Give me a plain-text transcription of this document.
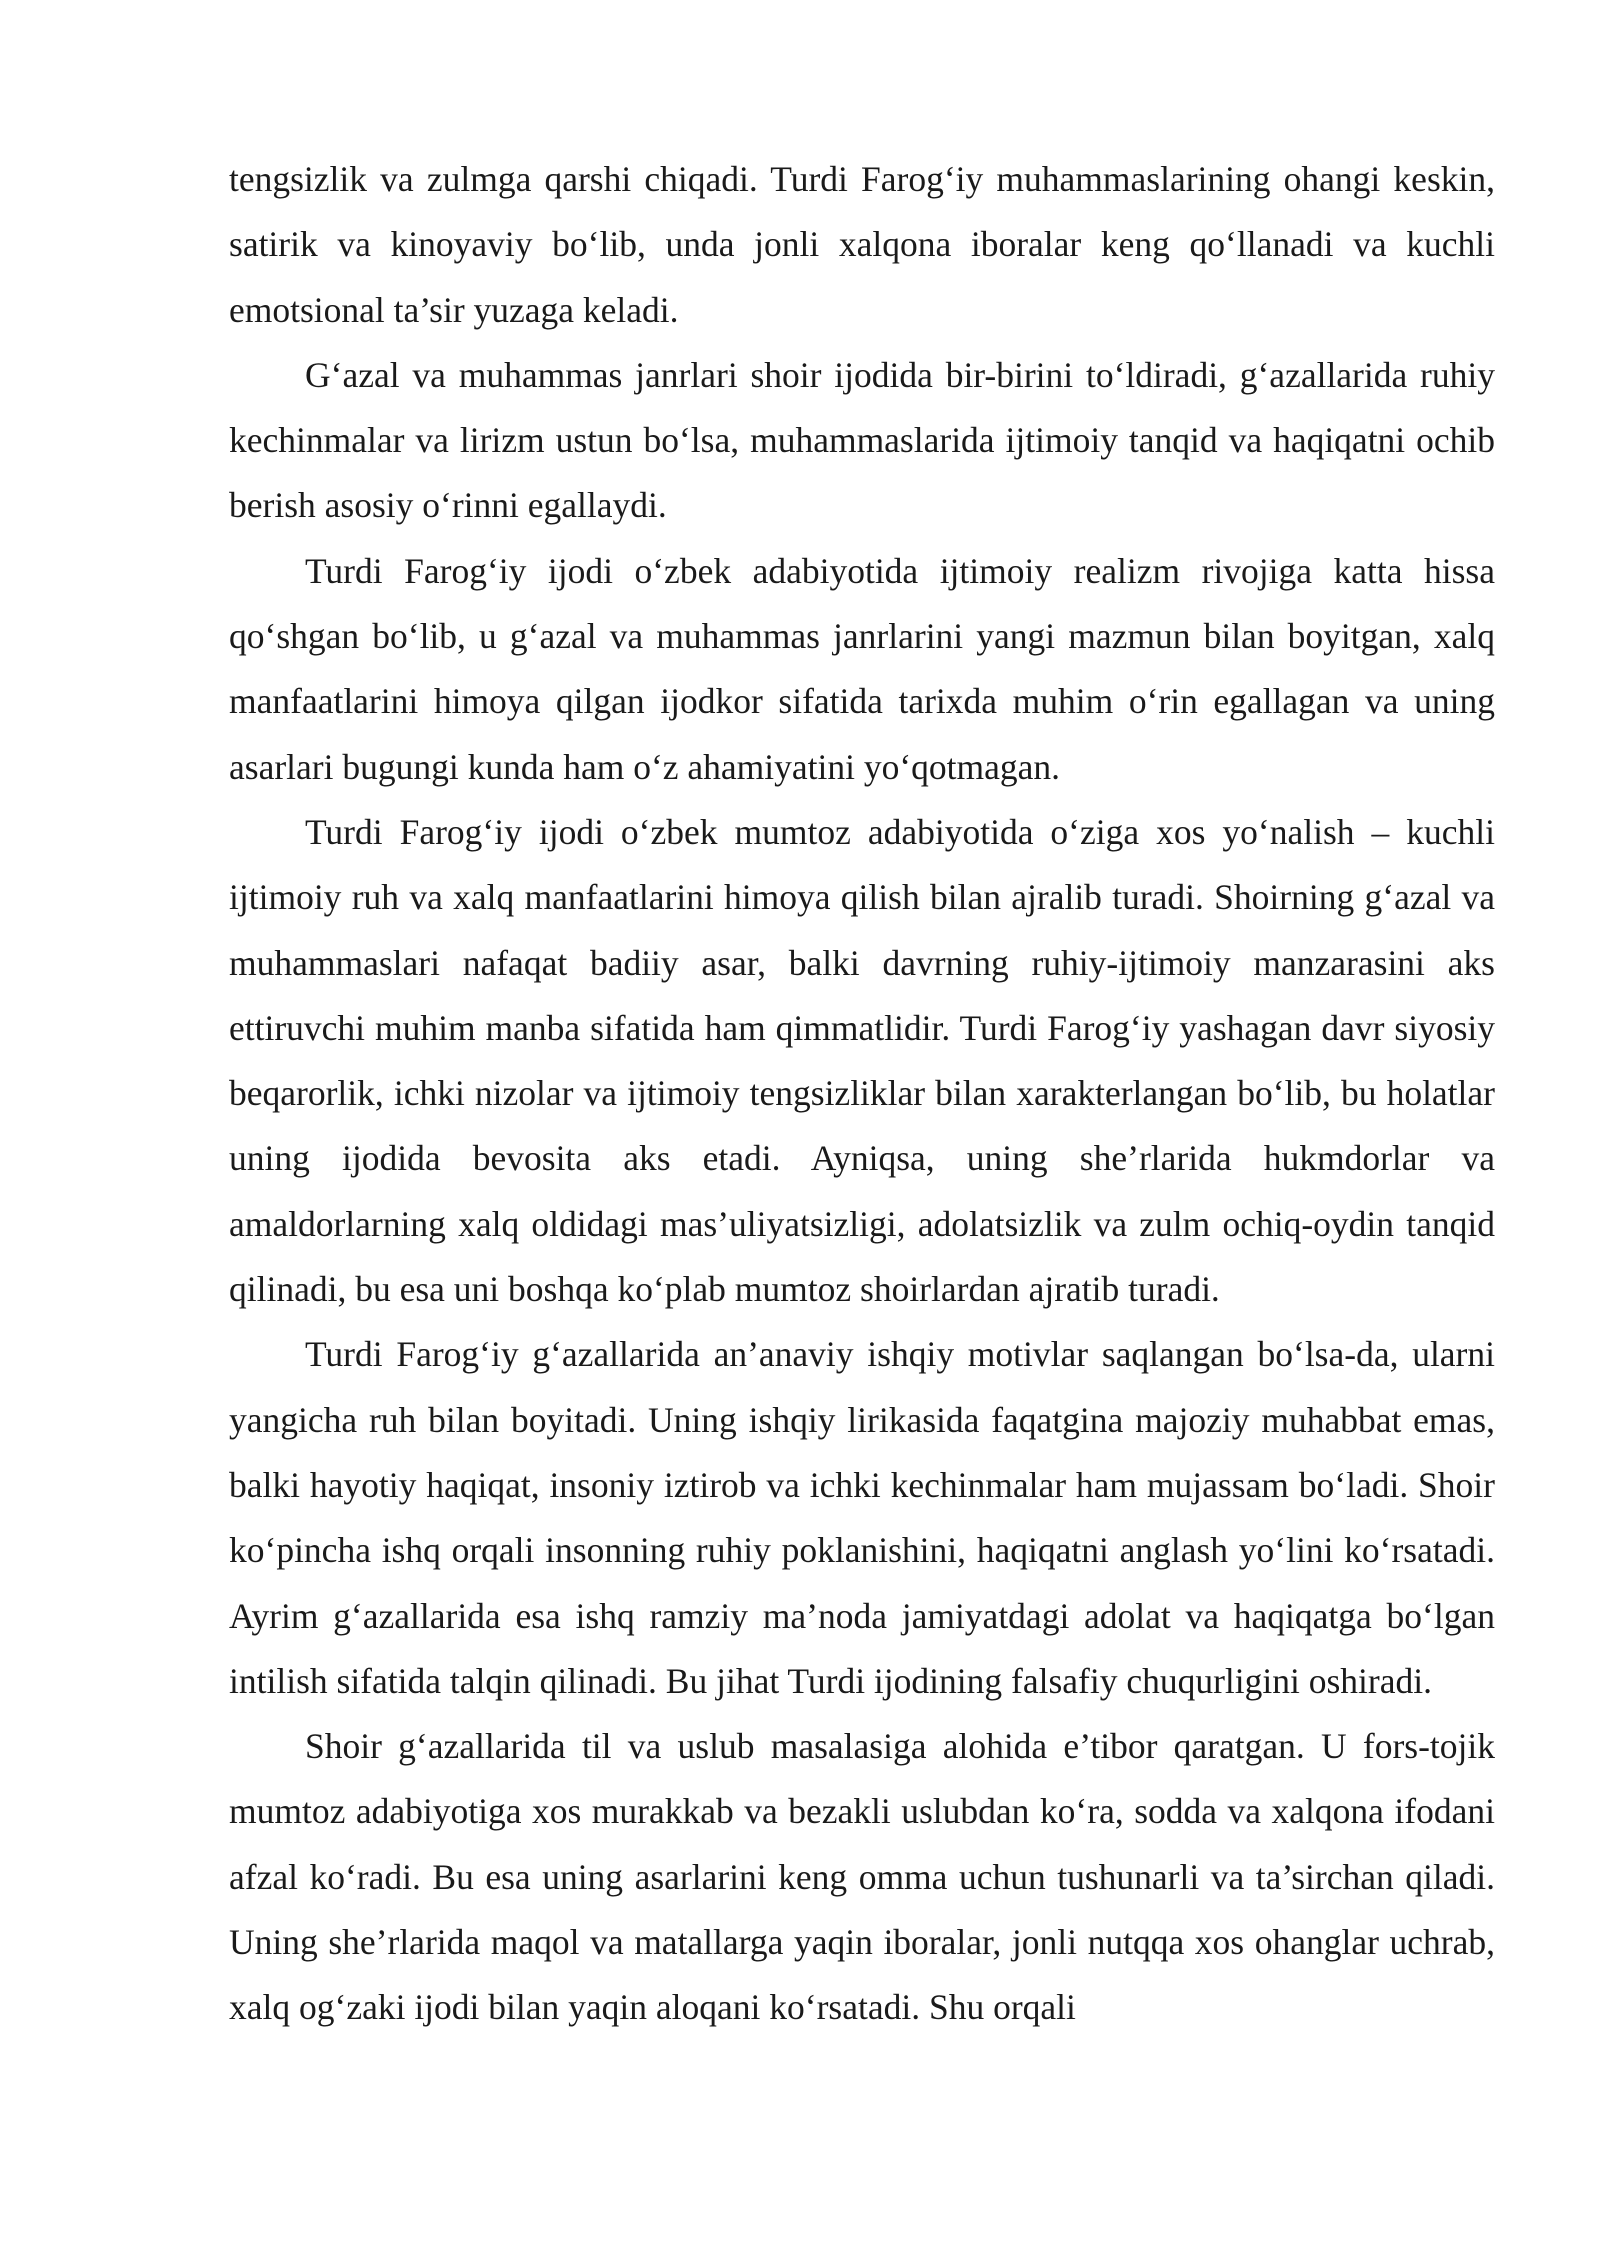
tengsizlik va zulmga qarshi chiqadi. Turdi Farog‘iy muhammaslarining ohangi keskin, satirik va kinoyaviy bo‘lib, unda jonli xalqona iboralar keng qo‘llanadi va kuchli emotsional ta’sir yuzaga keladi.

G‘azal va muhammas janrlari shoir ijodida bir-birini to‘ldiradi, g‘azallarida ruhiy kechinmalar va lirizm ustun bo‘lsa, muhammaslarida ijtimoiy tanqid va haqiqatni ochib berish asosiy o‘rinni egallaydi.

Turdi Farog‘iy ijodi o‘zbek adabiyotida ijtimoiy realizm rivojiga katta hissa qo‘shgan bo‘lib, u g‘azal va muhammas janrlarini yangi mazmun bilan boyitgan, xalq manfaatlarini himoya qilgan ijodkor sifatida tarixda muhim o‘rin egallagan va uning asarlari bugungi kunda ham o‘z ahamiyatini yo‘qotmagan.

Turdi Farog‘iy ijodi o‘zbek mumtoz adabiyotida o‘ziga xos yo‘nalish – kuchli ijtimoiy ruh va xalq manfaatlarini himoya qilish bilan ajralib turadi. Shoirning g‘azal va muhammaslari nafaqat badiiy asar, balki davrning ruhiy-ijtimoiy manzarasini aks ettiruvchi muhim manba sifatida ham qimmatlidir. Turdi Farog‘iy yashagan davr siyosiy beqarorlik, ichki nizolar va ijtimoiy tengsizliklar bilan xarakterlangan bo‘lib, bu holatlar uning ijodida bevosita aks etadi. Ayniqsa, uning she’rlarida hukmdorlar va amaldorlarning xalq oldidagi mas’uliyatsizligi, adolatsizlik va zulm ochiq-oydin tanqid qilinadi, bu esa uni boshqa ko‘plab mumtoz shoirlardan ajratib turadi.

Turdi Farog‘iy g‘azallarida an’anaviy ishqiy motivlar saqlangan bo‘lsa-da, ularni yangicha ruh bilan boyitadi. Uning ishqiy lirikasida faqatgina majoziy muhabbat emas, balki hayotiy haqiqat, insoniy iztirob va ichki kechinmalar ham mujassam bo‘ladi. Shoir ko‘pincha ishq orqali insonning ruhiy poklanishini, haqiqatni anglash yo‘lini ko‘rsatadi. Ayrim g‘azallarida esa ishq ramziy ma’noda jamiyatdagi adolat va haqiqatga bo‘lgan intilish sifatida talqin qilinadi. Bu jihat Turdi ijodining falsafiy chuqurligini oshiradi.

Shoir g‘azallarida til va uslub masalasiga alohida e’tibor qaratgan. U fors-tojik mumtoz adabiyotiga xos murakkab va bezakli uslubdan ko‘ra, sodda va xalqona ifodani afzal ko‘radi. Bu esa uning asarlarini keng omma uchun tushunarli va ta’sirchan qiladi. Uning she’rlarida maqol va matallarga yaqin iboralar, jonli nutqqa xos ohanglar uchrab, xalq og‘zaki ijodi bilan yaqin aloqani ko‘rsatadi. Shu orqali
